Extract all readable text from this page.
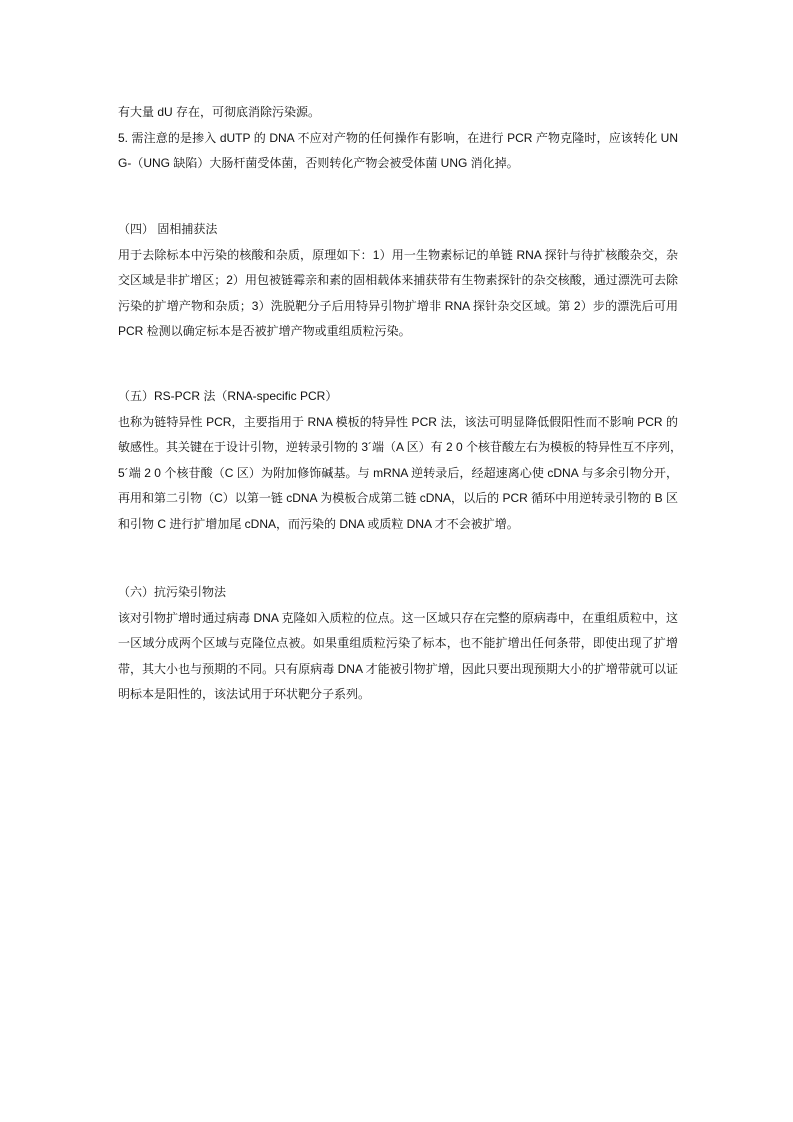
有大量 dU 存在，可彻底消除污染源。
5. 需注意的是掺入 dUTP 的 DNA 不应对产物的任何操作有影响，在进行 PCR 产物克隆时，应该转化 UN
G-（UNG 缺陷）大肠杆菌受体菌，否则转化产物会被受体菌 UNG 消化掉。
（四） 固相捕获法
用于去除标本中污染的核酸和杂质，原理如下：1）用一生物素标记的单链 RNA 探针与待扩核酸杂交，杂
交区域是非扩增区；2）用包被链霉亲和素的固相载体来捕获带有生物素探针的杂交核酸，通过漂洗可去除
污染的扩增产物和杂质；3）洗脱靶分子后用特异引物扩增非 RNA 探针杂交区域。第 2）步的漂洗后可用
PCR 检测以确定标本是否被扩增产物或重组质粒污染。
（五）RS-PCR 法（RNA-specific PCR）
也称为链特异性 PCR，主要指用于 RNA 模板的特异性 PCR 法，该法可明显降低假阳性而不影响 PCR 的
敏感性。其关键在于设计引物，逆转录引物的 3´端（A 区）有 2 0 个核苷酸左右为模板的特异性互不序列，
5´端 2 0 个核苷酸（C 区）为附加修饰碱基。与 mRNA 逆转录后，经超速离心使 cDNA 与多余引物分开，
再用和第二引物（C）以第一链 cDNA 为模板合成第二链 cDNA，以后的 PCR 循环中用逆转录引物的 B 区
和引物 C 进行扩增加尾 cDNA，而污染的 DNA 或质粒 DNA 才不会被扩增。
（六）抗污染引物法
该对引物扩增时通过病毒 DNA 克隆如入质粒的位点。这一区域只存在完整的原病毒中，在重组质粒中，这
一区域分成两个区域与克隆位点被。如果重组质粒污染了标本，也不能扩增出任何条带，即使出现了扩增
带，其大小也与预期的不同。只有原病毒 DNA 才能被引物扩增，因此只要出现预期大小的扩增带就可以证
明标本是阳性的，该法试用于环状靶分子系列。
